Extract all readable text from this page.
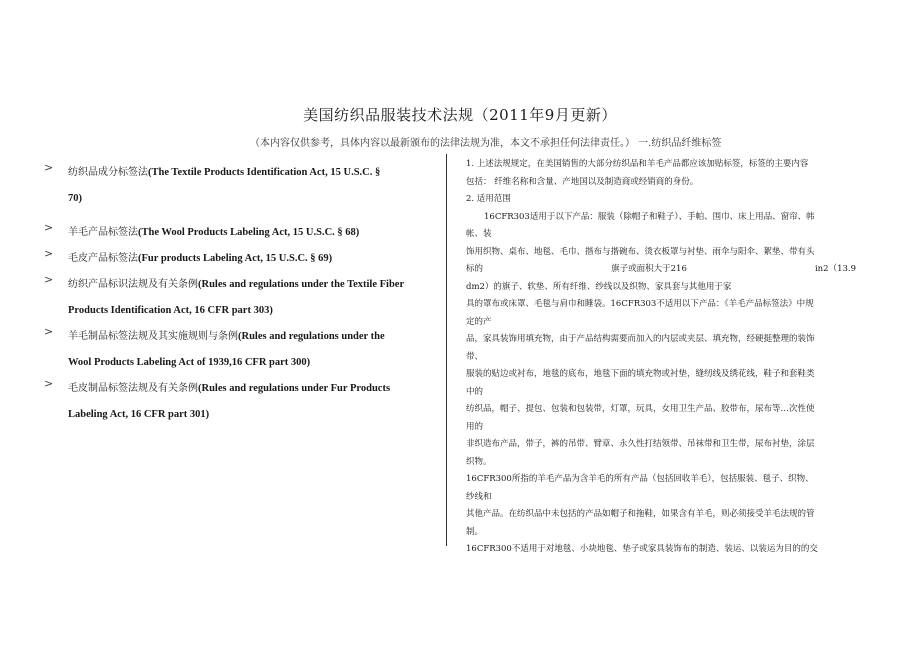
美国纺织品服装技术法规（2011年9月更新）
（本内容仅供参考，具体内容以最新颁布的法律法规为准，本文不承担任何法律责任。） 一.纺织品纤维标签
> 纺织品成分标签法(The Textile Products Identification Act, 15 U.S.C. §
70)
> 羊毛产品标签法(The Wool Products Labeling Act, 15 U.S.C. § 68)
> 毛皮产品标签法(Fur products Labeling Act, 15 U.S.C. § 69)
> 纺织产品标识法规及有关条例(Rules and regulations under the Textile Fiber
Products Identification Act, 16 CFR part 303)
> 羊毛制品标签法规及其实施规则与条例(Rules and regulations under the
Wool Products Labeling Act of 1939,16 CFR part 300)
> 毛皮制品标签法规及有关条例(Rules and regulations under Fur Products
Labeling Act, 16 CFR part 301)

1. 上述法规规定，在美国销售的大部分纺织品和羊毛产品都应该加贴标签，标签的主要内容

包括： 纤维名称和含量、产地国以及制造商或经销商的身份。

2. 适用范围

16CFR303适用于以下产品：服装（除帽子和鞋子）、手帕、围巾、床上用品、窗帘、帏

帐、装

饰用织物、桌布、地毯、毛巾、揩布与揩碗布、烫衣板罩与衬垫、雨伞与阳伞、絮垫、带有头

标的	旗子或面积大于216	in2（13.9

dm2）的旗子、软垫、所有纤维、纱线以及织物、家具套与其他用于家

具的罩布或床罩、毛毯与肩巾和睡袋。16CFR303不适用以下产品：《羊毛产品标签法》中规

定的产

品，家具装饰用填充物，由于产品结构需要而加入的内层或夹层、填充物，经硬挺整理的装饰

带、

服装的贴边或衬布，地毯的底布，地毯下面的填充物或衬垫，缝纫线及绣花线，鞋子和套鞋类

中的

纺织品，帽子、提包、包装和包装带，灯罩，玩具，女用卫生产品、胶带布，尿布等…次性使

用的

非织造布产品，带子，裤的吊带、臂章、永久性打结领带、吊袜带和卫生带，尿布衬垫，涂层

织物。

16CFR300所指的羊毛产品为含羊毛的所有产品（包括回收羊毛），包括服装、毯子、织物、

纱线和

其他产品。在纺织品中未包括的产品如帽子和拖鞋，如果含有羊毛，则必须接受羊毛法规的管

制。

16CFR300不适用于对地毯、小块地毯、垫子或家具装饰布的制造、装运、以装运为目的的交
